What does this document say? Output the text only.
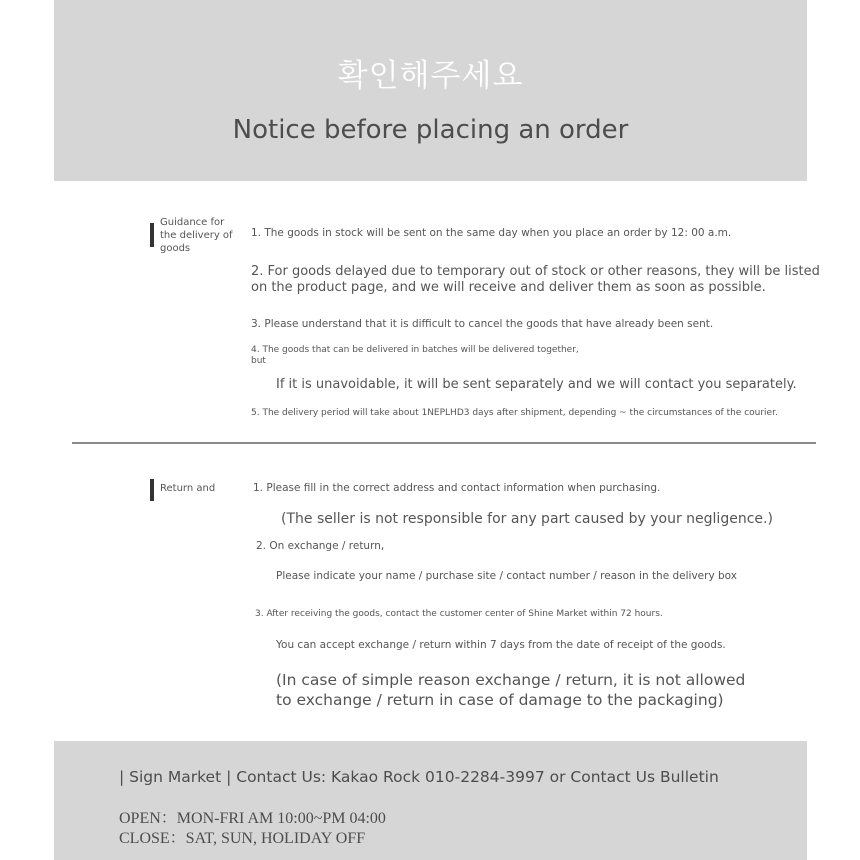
확인해주세요
Notice before placing an order
Guidance for
the delivery of
goods
1. The goods in stock will be sent on the same day when you place an order by 12: 00 a.m.
2. For goods delayed due to temporary out of stock or other reasons, they will be listed
on the product page, and we will receive and deliver them as soon as possible.
3. Please understand that it is difficult to cancel the goods that have already been sent.
4. The goods that can be delivered in batches will be delivered together,
but
If it is unavoidable, it will be sent separately and we will contact you separately.
5. The delivery period will take about 1NEPLHD3 days after shipment, depending ~ the circumstances of the courier.
Return and	1. Please fill in the correct address and contact information when purchasing.
(The seller is not responsible for any part caused by your negligence.)
2. On exchange / return,
Please indicate your name / purchase site / contact number / reason in the delivery box
3. After receiving the goods, contact the customer center of Shine Market within 72 hours.
You can accept exchange / return within 7 days from the date of receipt of the goods.
(In case of simple reason exchange / return, it is not allowed
to exchange / return in case of damage to the packaging)
| Sign Market | Contact Us: Kakao Rock 010-2284-3997 or Contact Us Bulletin
OPEN：MON-FRI AM 10:00~PM 04:00
CLOSE：SAT, SUN, HOLIDAY OFF
